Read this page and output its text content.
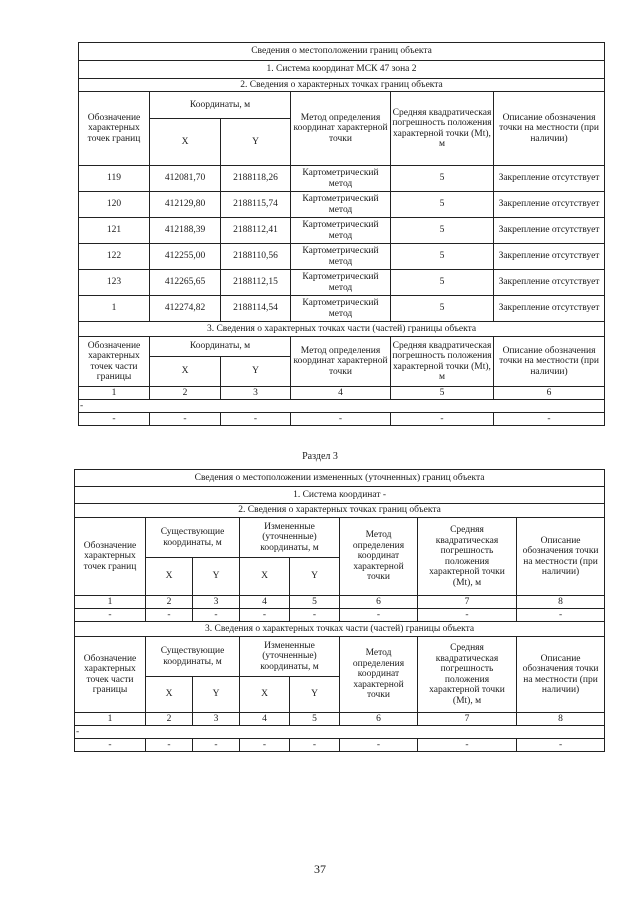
Сведения о местоположении границ объекта					
1. Система координат МСК 47 зона 2					
2. Сведения о характерных точках границ объекта					
Обозначение характерных точек границ	Координаты, м		Метод определения координат характерной точки	Средняя квадратическая погрешность положения характерной точки (Mt), м	Описание обозначения точки на местности (при наличии)
	X	Y			
119	412081,70	2188118,26	Картометрический метод	5	Закрепление отсутствует
120	412129,80	2188115,74	Картометрический метод	5	Закрепление отсутствует
121	412188,39	2188112,41	Картометрический метод	5	Закрепление отсутствует
122	412255,00	2188110,56	Картометрический метод	5	Закрепление отсутствует
123	412265,65	2188112,15	Картометрический метод	5	Закрепление отсутствует
1	412274,82	2188114,54	Картометрический метод	5	Закрепление отсутствует
3. Сведения о характерных точках части (частей) границы объекта					
Обозначение характерных точек части границы	Координаты, м		Метод определения координат характерной точки	Средняя квадратическая погрешность положения характерной точки (Mt), м	Описание обозначения точки на местности (при наличии)
	X	Y			
1	2	3	4	5	6
-					
-	-	-	-	-	-
Раздел 3
Сведения о местоположении измененных (уточненных) границ объекта							
1. Система координат -							
2. Сведения о характерных точках границ объекта							
Обозначение характерных точек границ	Существующие координаты, м		Измененные (уточненные) координаты, м		Метод определения координат характерной точки	Средняя квадратическая погрешность положения характерной точки (Mt), м	Описание обозначения точки на местности (при наличии)
	X	Y	X	Y			
1	2	3	4	5	6	7	8
-	-	-	-	-	-	-	-
3. Сведения о характерных точках части (частей) границы объекта							
Обозначение характерных точек части границы	Существующие координаты, м		Измененные (уточненные) координаты, м		Метод определения координат характерной точки	Средняя квадратическая погрешность положения характерной точки (Mt), м	Описание обозначения точки на местности (при наличии)
	X	Y	X	Y			
1	2	3	4	5	6	7	8
-							
-	-	-	-	-	-	-	-
37
